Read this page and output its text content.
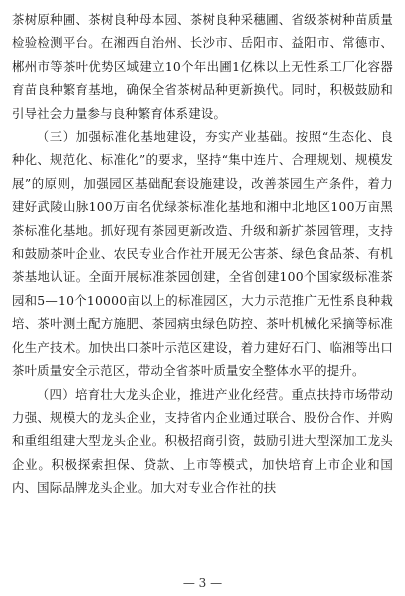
茶树原种圃、茶树良种母本园、茶树良种采穗圃、省级茶树种苗质量检验检测平台。在湘西自治州、长沙市、岳阳市、益阳市、常德市、郴州市等茶叶优势区域建立10个年出圃1亿株以上无性系工厂化容器育苗良种繁育基地，确保全省茶树品种更新换代。同时，积极鼓励和引导社会力量参与良种繁育体系建设。

（三）加强标准化基地建设，夯实产业基础。按照“生态化、良种化、规范化、标准化”的要求，坚持“集中连片、合理规划、规模发展”的原则，加强园区基础配套设施建设，改善茶园生产条件，着力建好武陵山脉100万亩名优绿茶标准化基地和湘中北地区100万亩黑茶标准化基地。抓好现有茶园更新改造、升级和新扩茶园管理，支持和鼓励茶叶企业、农民专业合作社开展无公害茶、绿色食品茶、有机茶基地认证。全面开展标准茶园创建，全省创建100个国家级标准茶园和5—10个10000亩以上的标准园区，大力示范推广无性系良种栽培、茶叶测土配方施肥、茶园病虫绿色防控、茶叶机械化采摘等标准化生产技术。加快出口茶叶示范区建设，着力建好石门、临湘等出口茶叶质量安全示范区，带动全省茶叶质量安全整体水平的提升。

（四）培育壮大龙头企业，推进产业化经营。重点扶持市场带动力强、规模大的龙头企业，支持省内企业通过联合、股份合作、并购和重组组建大型龙头企业。积极招商引资，鼓励引进大型深加工龙头企业。积极探索担保、贷款、上市等模式，加快培育上市企业和国内、国际品牌龙头企业。加大对专业合作社的扶

— 3 —
